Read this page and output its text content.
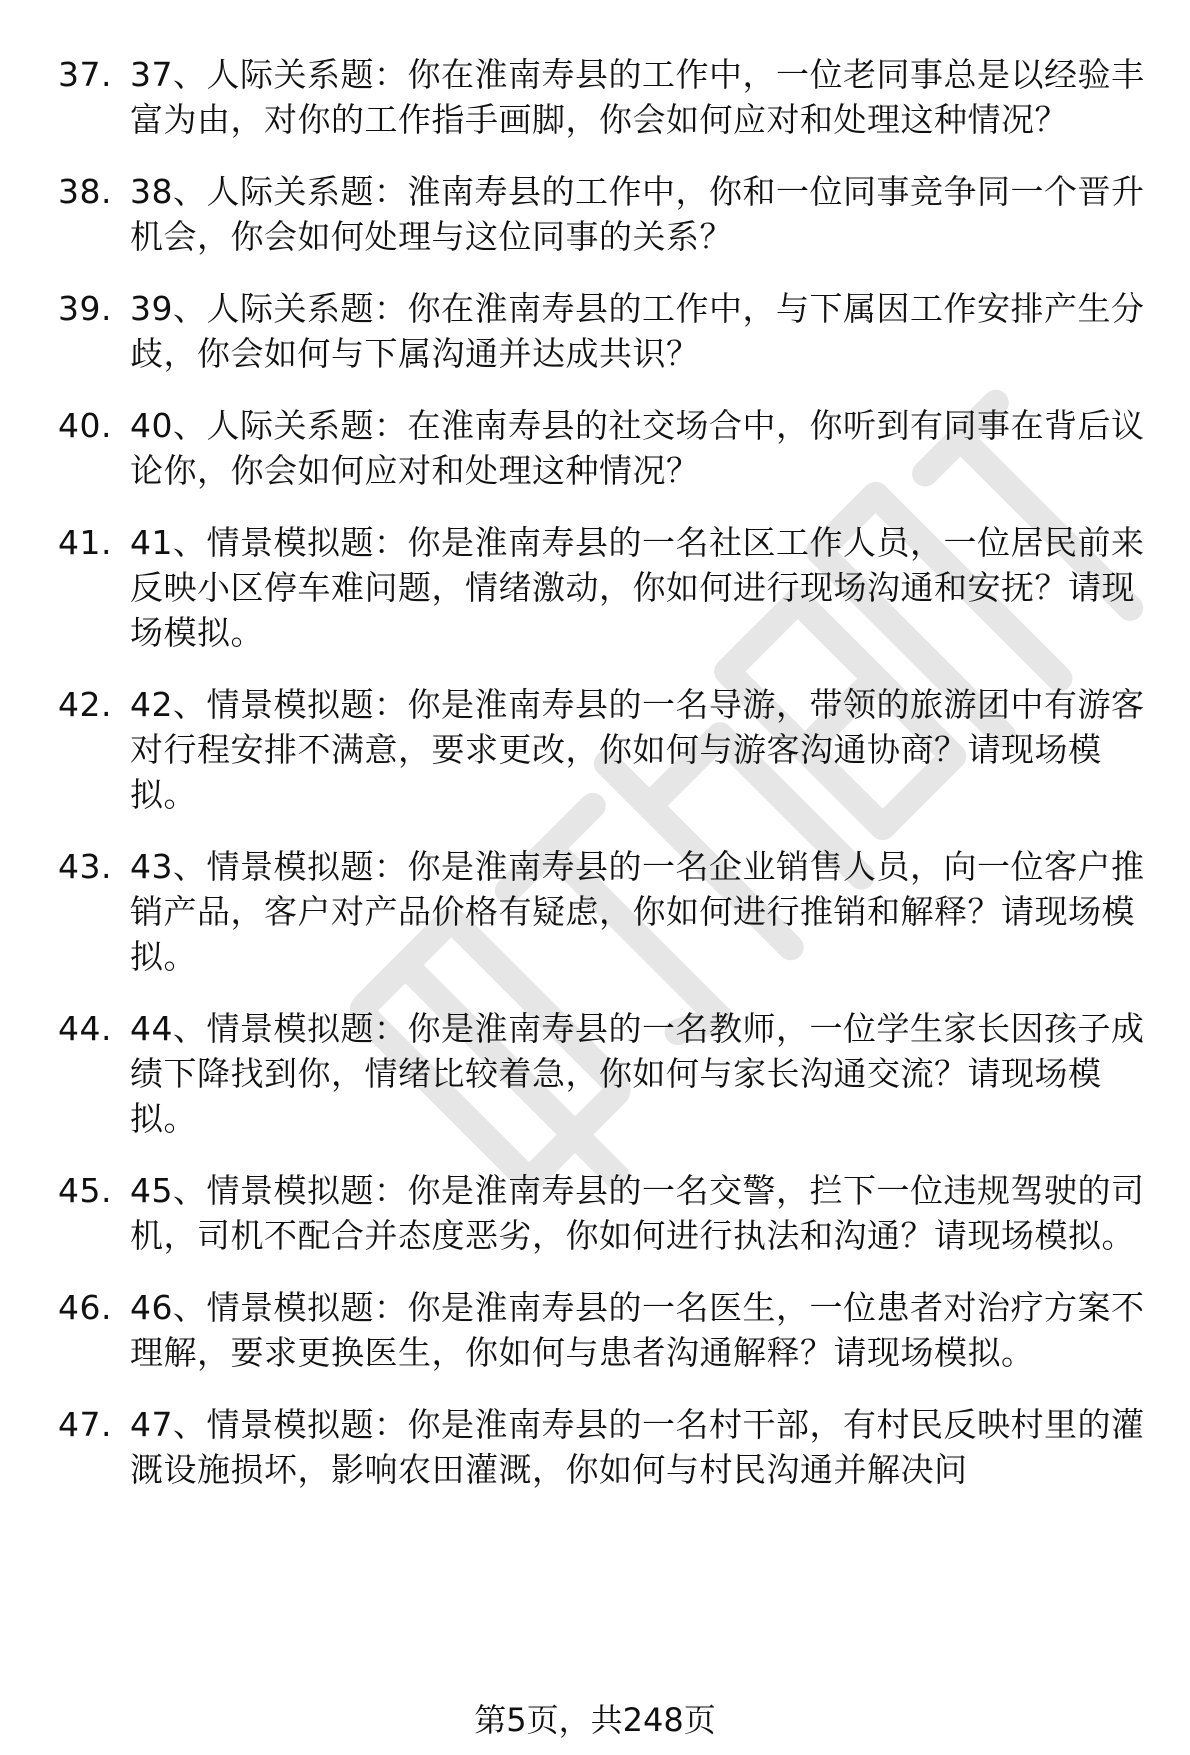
37. 37、人际关系题：你在淮南寿县的工作中，一位老同事总是以经验丰富为由，对你的工作指手画脚，你会如何应对和处理这种情况？
38. 38、人际关系题：淮南寿县的工作中，你和一位同事竞争同一个晋升机会，你会如何处理与这位同事的关系？
39. 39、人际关系题：你在淮南寿县的工作中，与下属因工作安排产生分歧，你会如何与下属沟通并达成共识？
40. 40、人际关系题：在淮南寿县的社交场合中，你听到有同事在背后议论你，你会如何应对和处理这种情况？
41. 41、情景模拟题：你是淮南寿县的一名社区工作人员，一位居民前来反映小区停车难问题，情绪激动，你如何进行现场沟通和安抚？请现场模拟。
42. 42、情景模拟题：你是淮南寿县的一名导游，带领的旅游团中有游客对行程安排不满意，要求更改，你如何与游客沟通协商？请现场模拟。
43. 43、情景模拟题：你是淮南寿县的一名企业销售人员，向一位客户推销产品，客户对产品价格有疑虑，你如何进行推销和解释？请现场模拟。
44. 44、情景模拟题：你是淮南寿县的一名教师，一位学生家长因孩子成绩下降找到你，情绪比较着急，你如何与家长沟通交流？请现场模拟。
45. 45、情景模拟题：你是淮南寿县的一名交警，拦下一位违规驾驶的司机，司机不配合并态度恶劣，你如何进行执法和沟通？请现场模拟。
46. 46、情景模拟题：你是淮南寿县的一名医生，一位患者对治疗方案不理解，要求更换医生，你如何与患者沟通解释？请现场模拟。
47. 47、情景模拟题：你是淮南寿县的一名村干部，有村民反映村里的灌溉设施损坏，影响农田灌溉，你如何与村民沟通并解决问
第5页，共248页
